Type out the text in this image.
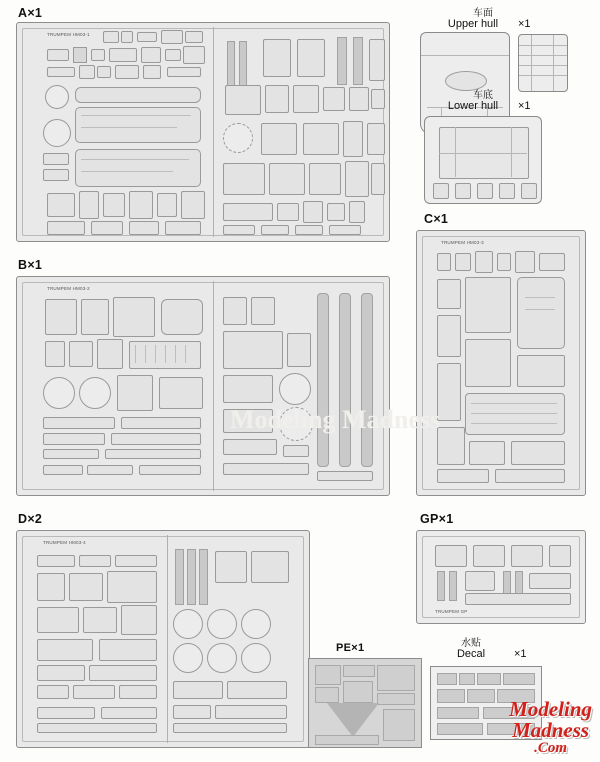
A×1
TRUMPEM HM03-1
车面
Upper hull	×1
车底
Lower hull	×1
B×1
TRUMPEM HM03-2
C×1
TRUMPEM HM03-3
D×2
TRUMPEM HM03-4
GP×1
TRUMPEM GP
PE×1	水贴
Decal	×1
Modeling Madness
Modeling
Madness
.Com
